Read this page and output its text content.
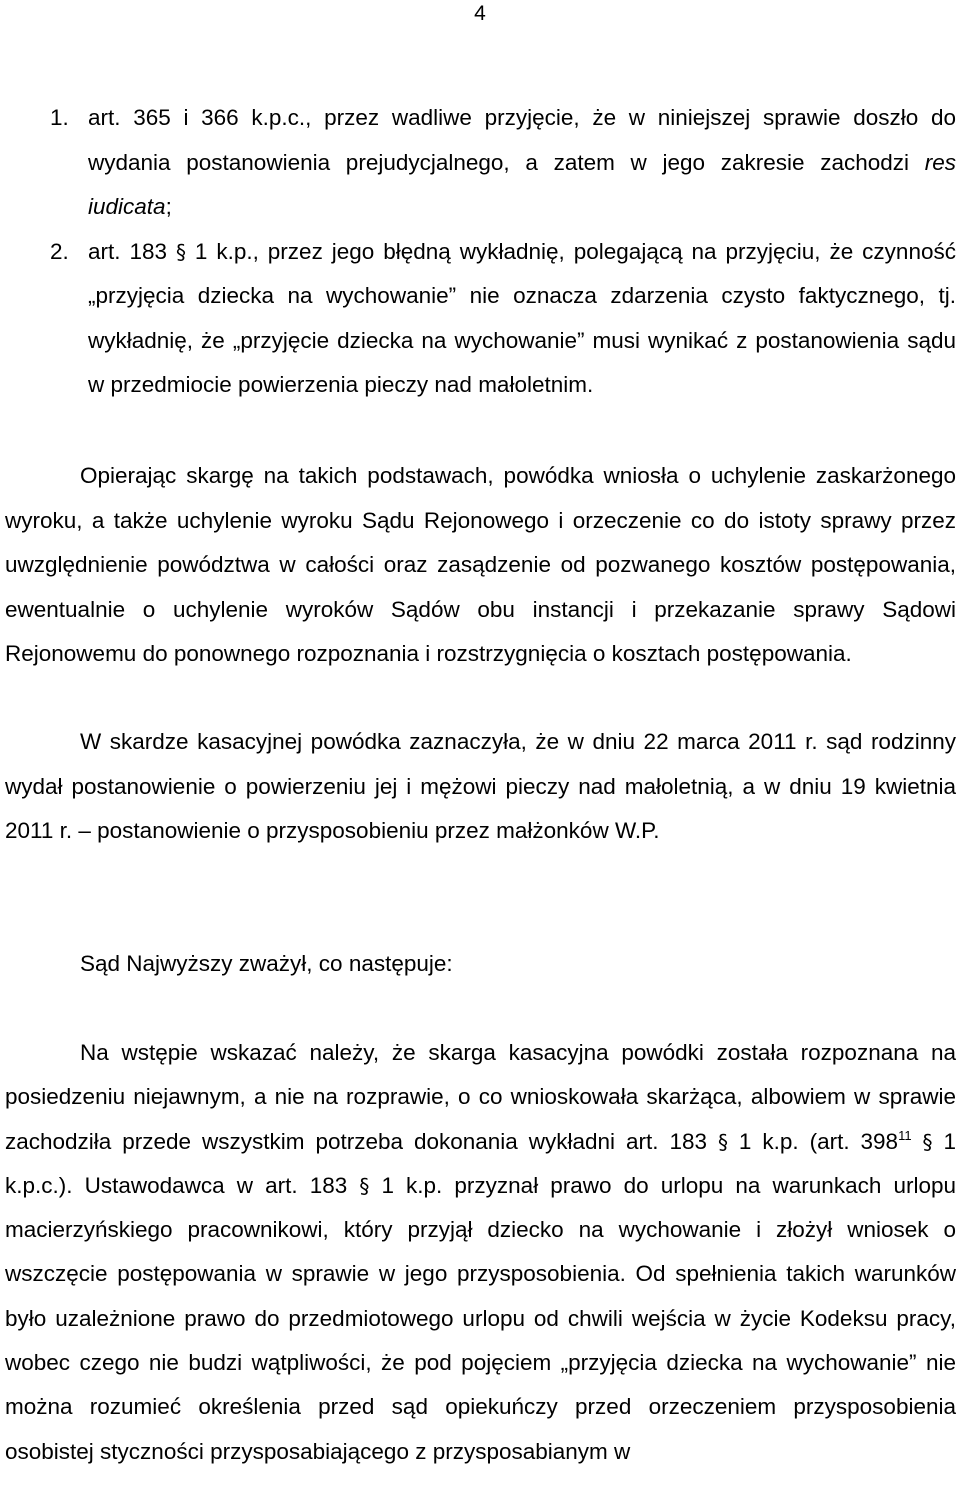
4
1. art. 365 i 366 k.p.c., przez wadliwe przyjęcie, że w niniejszej sprawie doszło do wydania postanowienia prejudycjalnego, a zatem w jego zakresie zachodzi res iudicata;
2. art. 183 § 1 k.p., przez jego błędną wykładnię, polegającą na przyjęciu, że czynność „przyjęcia dziecka na wychowanie” nie oznacza zdarzenia czysto faktycznego, tj. wykładnię, że „przyjęcie dziecka na wychowanie” musi wynikać z postanowienia sądu w przedmiocie powierzenia pieczy nad małoletnim.
Opierając skargę na takich podstawach, powódka wniosła o uchylenie zaskarżonego wyroku, a także uchylenie wyroku Sądu Rejonowego i orzeczenie co do istoty sprawy przez uwzględnienie powództwa w całości oraz zasądzenie od pozwanego kosztów postępowania, ewentualnie o uchylenie wyroków Sądów obu instancji i przekazanie sprawy Sądowi Rejonowemu do ponownego rozpoznania i rozstrzygnięcia o kosztach postępowania.
W skardze kasacyjnej powódka zaznaczyła, że w dniu 22 marca 2011 r. sąd rodzinny wydał postanowienie o powierzeniu jej i mężowi pieczy nad małoletnią, a w dniu 19 kwietnia 2011 r. – postanowienie o przysposobieniu przez małżonków W.P.
Sąd Najwyższy zważył, co następuje:
Na wstępie wskazać należy, że skarga kasacyjna powódki została rozpoznana na posiedzeniu niejawnym, a nie na rozprawie, o co wnioskowała skarżąca, albowiem w sprawie zachodziła przede wszystkim potrzeba dokonania wykładni art. 183 § 1 k.p. (art. $398^{11}$ § 1 k.p.c.). Ustawodawca w art. 183 § 1 k.p. przyznał prawo do urlopu na warunkach urlopu macierzyńskiego pracownikowi, który przyjął dziecko na wychowanie i złożył wniosek o wszczęcie postępowania w sprawie w jego przysposobienia. Od spełnienia takich warunków było uzależnione prawo do przedmiotowego urlopu od chwili wejścia w życie Kodeksu pracy, wobec czego nie budzi wątpliwości, że pod pojęciem „przyjęcia dziecka na wychowanie” nie można rozumieć określenia przed sąd opiekuńczy przed orzeczeniem przysposobienia osobistej styczności przysposabiającego z przysposabianym w
